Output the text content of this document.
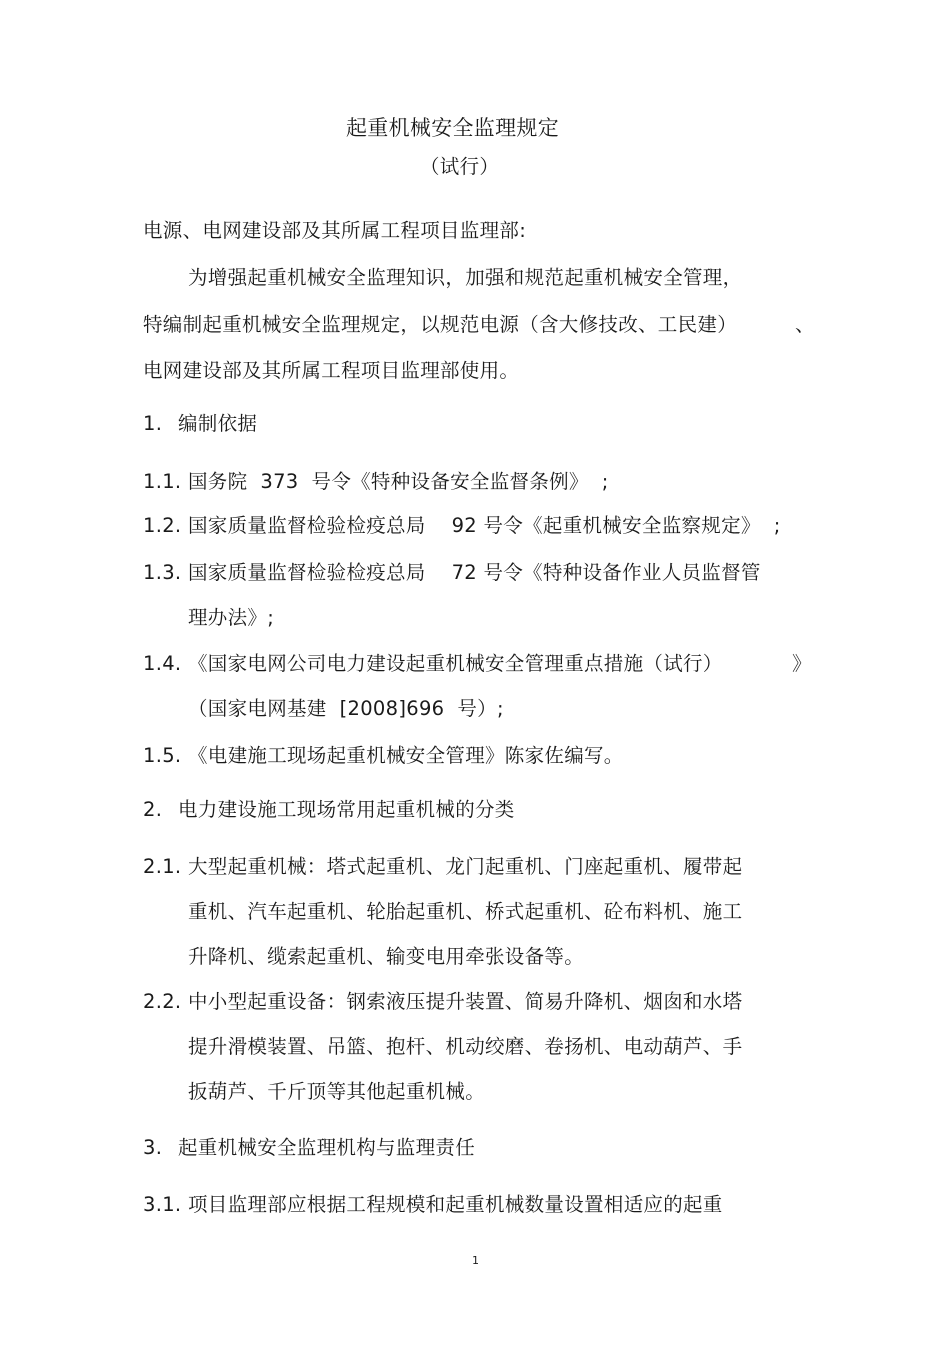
起重机械安全监理规定
（试行）
电源、电网建设部及其所属工程项目监理部:
为增强起重机械安全监理知识，加强和规范起重机械安全管理，
特编制起重机械安全监理规定，以规范电源（含大修技改、工民建）	、
电网建设部及其所属工程项目监理部使用。
1. 编制依据
1.1. 国务院  373  号令《特种设备安全监督条例》  ;
1.2. 国家质量监督检验检疫总局    92 号令《起重机械安全监察规定》  ;
1.3. 国家质量监督检验检疫总局    72 号令《特种设备作业人员监督管
理办法》;
1.4. 《国家电网公司电力建设起重机械安全管理重点措施（试行）	》
（国家电网基建  [2008]696  号）;
1.5. 《电建施工现场起重机械安全管理》陈家佐编写。
2. 电力建设施工现场常用起重机械的分类
2.1. 大型起重机械：塔式起重机、龙门起重机、门座起重机、履带起
重机、汽车起重机、轮胎起重机、桥式起重机、砼布料机、施工
升降机、缆索起重机、输变电用牵张设备等。
2.2. 中小型起重设备：钢索液压提升装置、简易升降机、烟囱和水塔
提升滑模装置、吊篮、抱杆、机动绞磨、卷扬机、电动葫芦、手
扳葫芦、千斤顶等其他起重机械。
3. 起重机械安全监理机构与监理责任
3.1. 项目监理部应根据工程规模和起重机械数量设置相适应的起重
1
